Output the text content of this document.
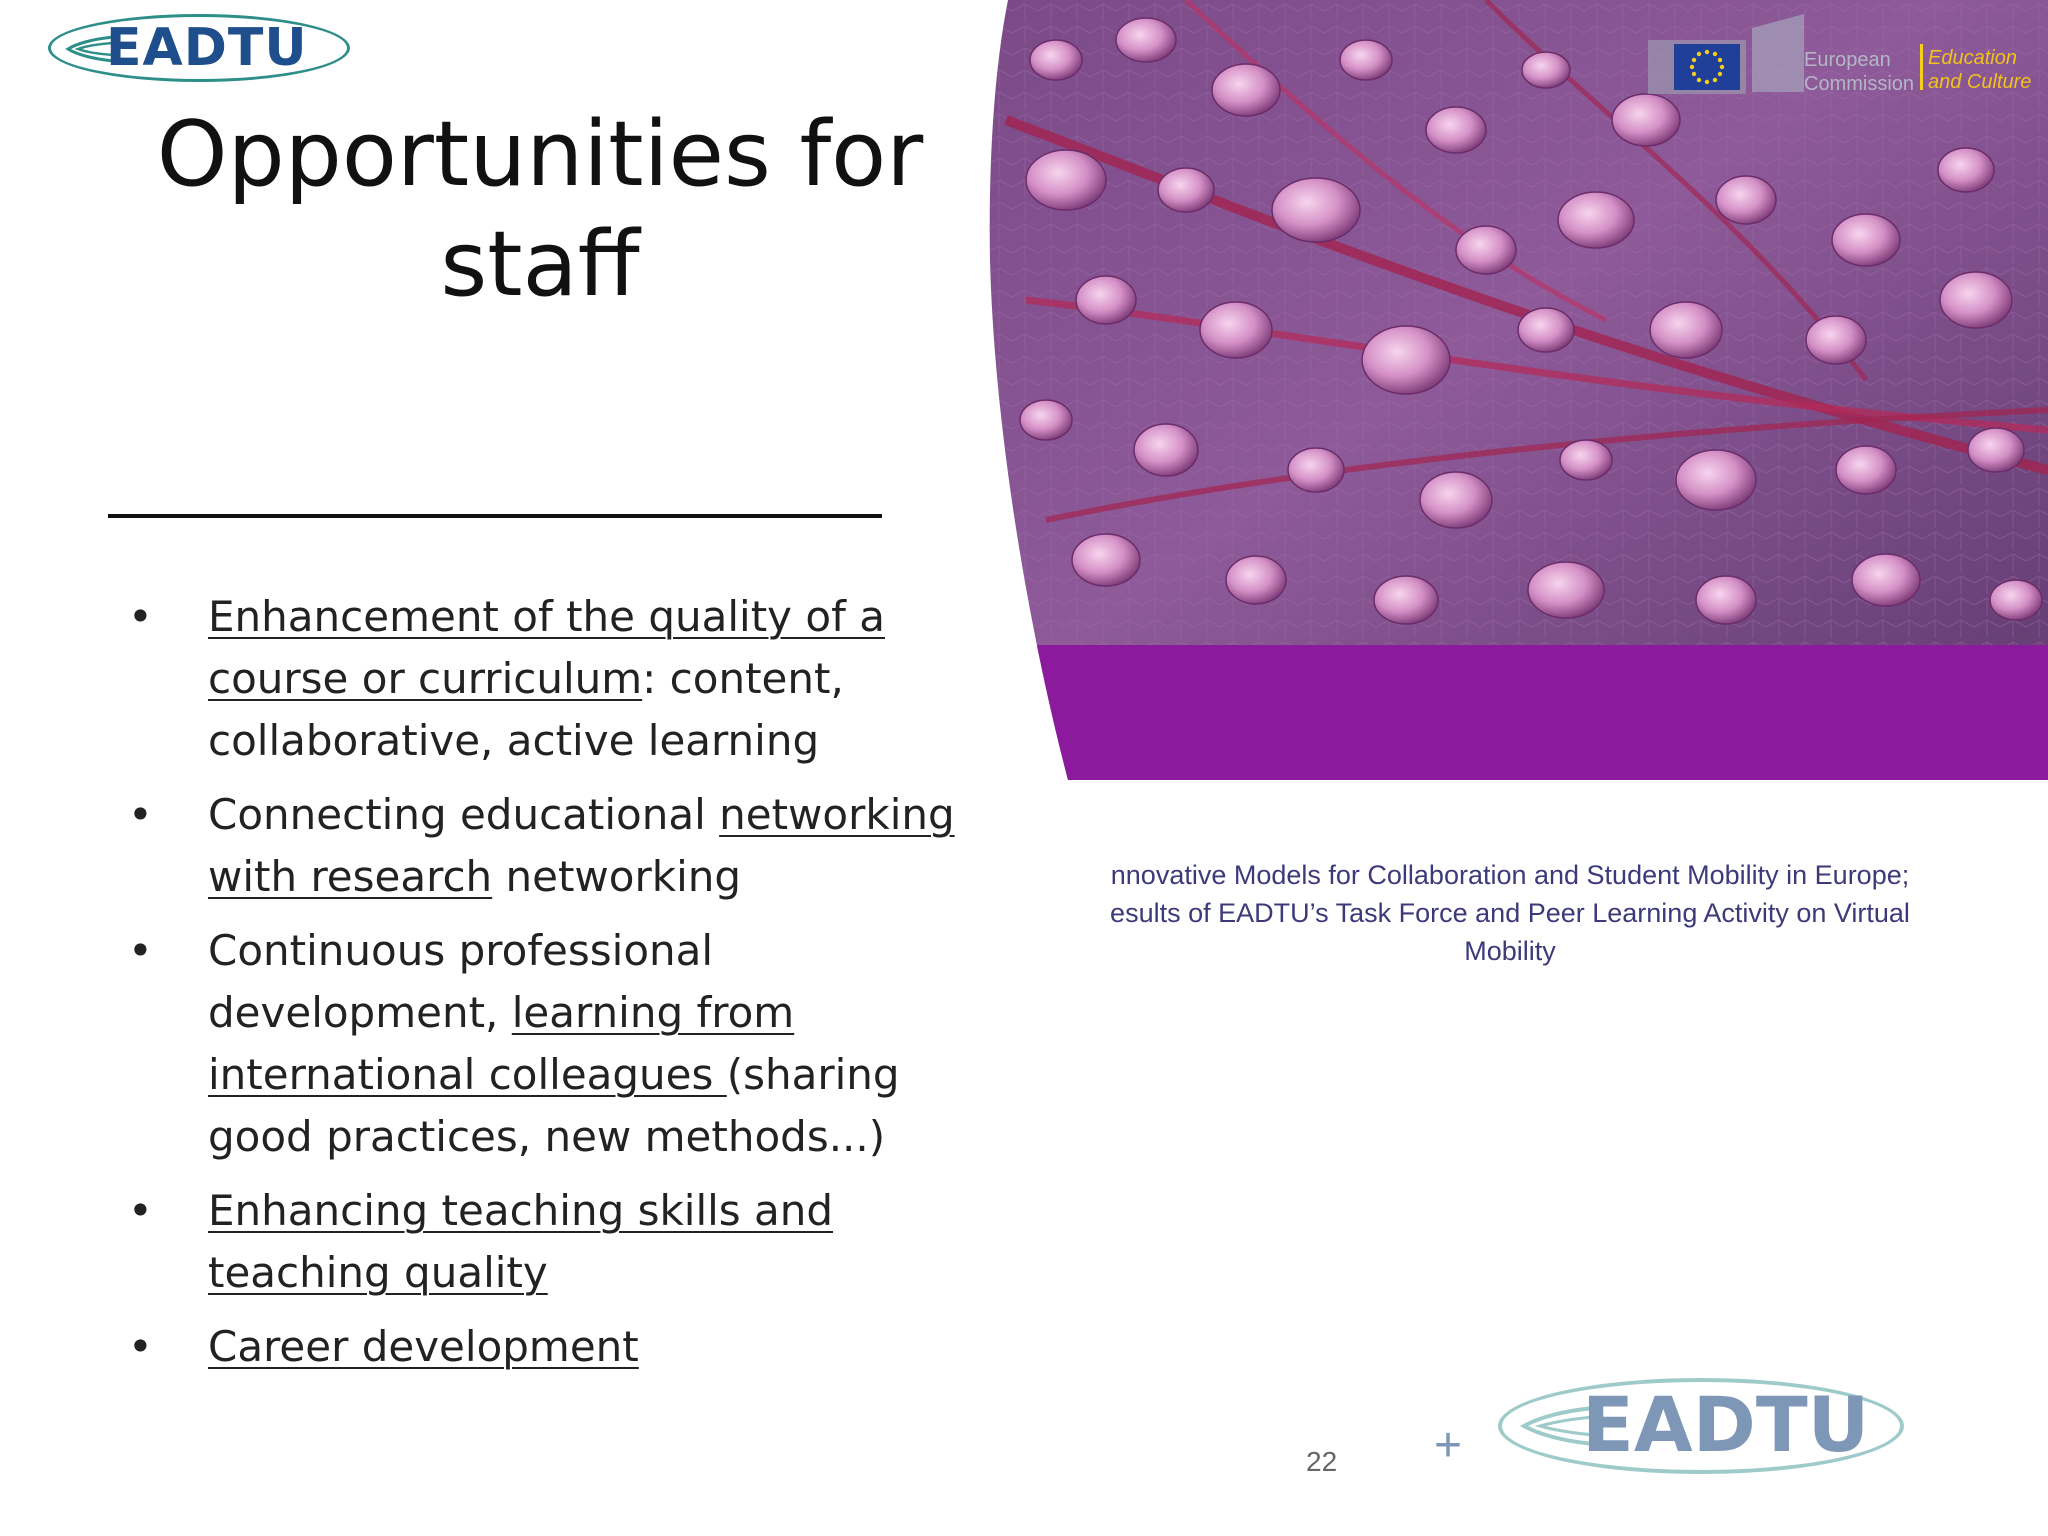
EADTU
Opportunities for
staff
• Enhancement of the quality of a
course or curriculum: content,
collaborative, active learning
• Connecting educational networking
with research networking
• Continuous professional
development, learning from
international colleagues (sharing
good practices, new methods...)
• Enhancing teaching skills and
teaching quality
• Career development
European
Commission
Education
and Culture
nnovative Models for Collaboration and Student Mobility in Europe;
esults of EADTU’s Task Force and Peer Learning Activity on Virtual
Mobility
22 + EADTU
